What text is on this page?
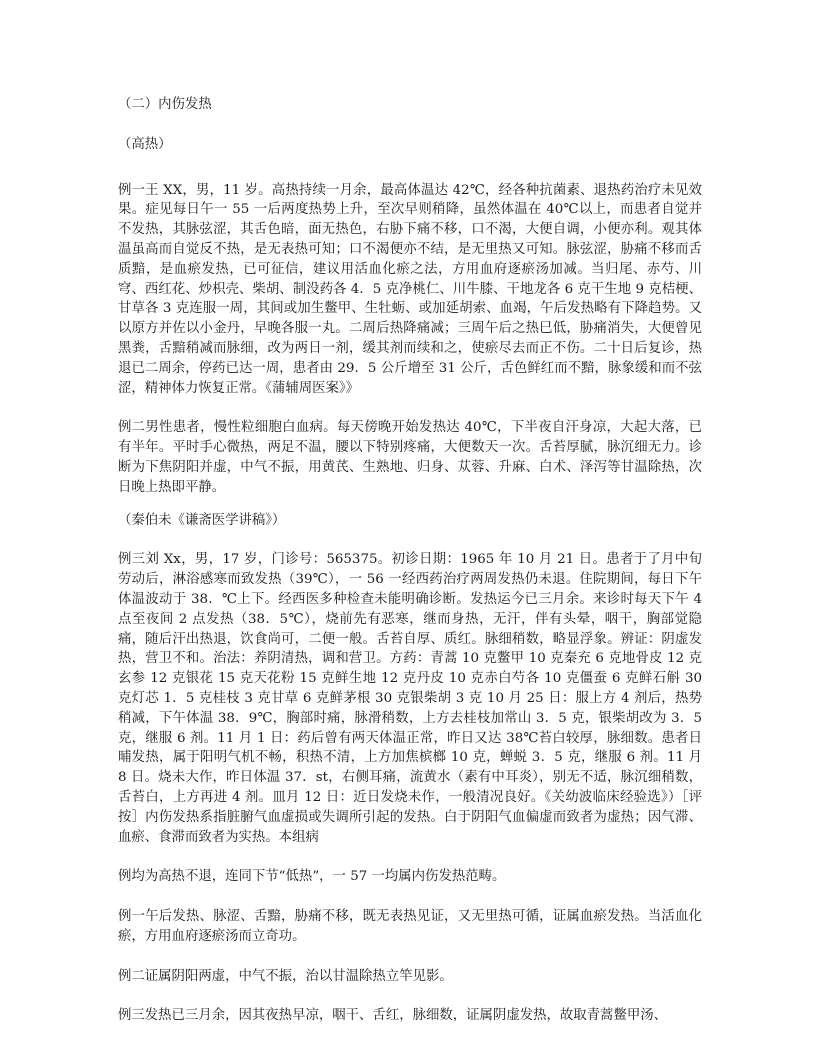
（二）内伤发热

（高热）

例一王 XX，男，11 岁。高热持续一月余，最高体温达 42℃，经各种抗菌素、退热药治疗未见效果。症见每日午一 55 一后两度热势上升，至次早则稍降，虽然体温在 40℃以上，而患者自觉并不发热，其脉弦涩，其舌色暗，面无热色，右胁下痛不移，口不渴，大便自调，小便亦利。观其体温虽高而自觉反不热，是无表热可知；口不渴便亦不结，是无里热又可知。脉弦涩，胁痛不移而舌质黯，是血瘀发热，已可征信，建议用活血化瘀之法，方用血府逐瘀汤加减。当归尾、赤芍、川穹、西红花、炒枳壳、柴胡、制没药各 4．5 克净桃仁、川牛膝、干地龙各 6 克干生地 9 克桔梗、甘草各 3 克连服一周，其间或加生鳖甲、生牡蛎、或加延胡索、血竭，午后发热略有下降趋势。又以原方并佐以小金丹，早晚各服一丸。二周后热降痛减；三周午后之热巳低，胁痛消失，大便曾见黑粪，舌黯稍减而脉细，改为两日一剂，缓其剂而续和之，使瘀尽去而正不伤。二十日后复诊，热退已二周余，停药已达一周，患者由 29．5 公斤增至 31 公斤，舌色鲜红而不黯，脉象缓和而不弦涩，精神体力恢复正常。《蒲辅周医案》》

例二男性患者，慢性粒细胞白血病。每天傍晚开始发热达 40℃，下半夜自汗身凉，大起大落，已有半年。平时手心微热，两足不温，腰以下特别疼痛，大便数天一次。舌苔厚腻，脉沉细无力。诊断为下焦阴阳并虚，中气不振，用黄芪、生熟地、归身、苁蓉、升麻、白术、泽泻等甘温除热，次日晚上热即平静。

（秦伯未《谦斋医学讲稿》）

例三刘 Xx，男，17 岁，门诊号：565375。初诊日期：1965 年 10 月 21 日。患者于了月中旬劳动后，淋浴感寒而致发热（39℃），一 56 一经西药治疗两周发热仍未退。住院期间，每日下午体温波动于 38．℃上下。经西医多种检查未能明确诊断。发热运今已三月余。来诊时每天下午 4 点至夜间 2 点发热（38．5℃），烧前先有恶寒，继而身热，无汗，伴有头晕，咽干，胸部觉隐痛，随后汗出热退，饮食尚可，二便一般。舌苔自厚、质红。脉细稍数，略显浮象。辨证：阴虚发热，营卫不和。治法：养阴清热，调和营卫。方药：青蒿 10 克鳖甲 10 克秦充 6 克地骨皮 12 克玄参 12 克银花 15 克天花粉 15 克鲜生地 12 克丹皮 10 克赤白芍各 10 克僵蚕 6 克鲜石斛 30 克灯芯 1．5 克桂枝 3 克甘草 6 克鲜茅根 30 克银柴胡 3 克 10 月 25 日：服上方 4 剂后，热势稍减，下午体温 38．9℃，胸部时痛，脉滑稍数，上方去桂枝加常山 3．5 克，银柴胡改为 3．5 克，继服 6 剂。11 月 1 日：药后曾有两天体温正常，昨日又达 38℃苔白较厚，脉细数。患者日晡发热，属于阳明气机不畅，积热不清，上方加焦槟榔 10 克，蝉蜕 3．5 克，继服 6 剂。11 月 8 日。烧未大作，昨日体温 37．st，右侧耳痛，流黄水（素有中耳炎），别无不适，脉沉细稍数，舌苔白，上方再进 4 剂。皿月 12 日：近日发烧未作，一般清况良好。《关幼波临床经验选》）［评按］内伤发热系指脏腑气血虚损或失调所引起的发热。白于阴阳气血偏虚而致者为虚热；因气滞、血瘀、食滞而致者为实热。本组病

例均为高热不退，连同下节“低热”，一 57 一均属内伤发热范畴。

例一午后发热、脉涩、舌黯，胁痛不移，既无表热见证，又无里热可循，证属血瘀发热。当活血化瘀，方用血府逐瘀汤而立奇功。

例二证属阴阳两虚，中气不振，治以甘温除热立竿见影。

例三发热已三月余，因其夜热早凉，咽干、舌红，脉细数，证属阴虚发热，故取青蒿鳖甲汤、
